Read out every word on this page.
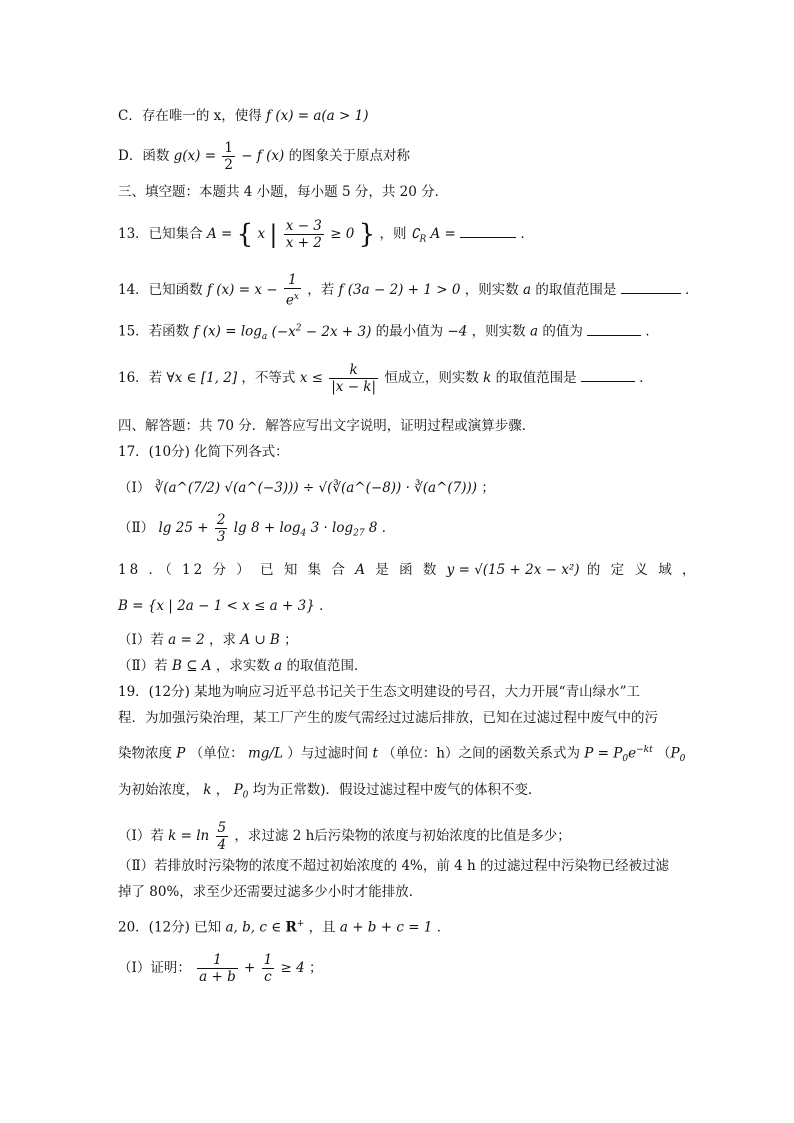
C．存在唯一的 x，使得 f (x) = a(a > 1)
D．函数 $g(x) = \frac{1}{2} - f$ (x) 的图象关于原点对称
三、填空题：本题共 4 小题，每小题 5 分，共 20 分．
13．已知集合 A = { x | $\frac{x - 3}{x + 2} \ge 0$ } ，则 $∁_R$ A =	．
14．已知函数 f $(x) = x - \frac{1}{e^x}$ ，若 f (3a − 2) + 1 > 0 ，则实数 a 的取值范围是	．
15．若函数 f $(x) = \log_a (-x^2 - 2x + 3)$ 的最小值为 −4 ，则实数 a 的值为	．
16．若 ∀x ∈ [1, 2] ，不等式 $x \le \frac{k}{|x - k|}$ 恒成立，则实数 k 的取值范围是	．
四、解答题：共 70 分．解答应写出文字说明，证明过程或演算步骤．
17．(10分) 化简下列各式：
（Ⅰ） ∛(a^(7/2) √(a^(−3))) ÷ √(∛(a^(−8)) · ∛(a^(7))) ；
（Ⅱ） $\lg 25 + \frac{2}{3}$ $\lg 8 + \log_4 3 \cdot \log_{27} 8$ ．
18 ．（ 12 分 ） 已 知 集 合 A 是 函 数 y = √(15 + 2x − x²) 的 定 义 域 ，
B = {x | 2a − 1 < x ≤ a + 3} ．
（Ⅰ）若 a = 2 ，求 A ∪ B ；
（Ⅱ）若 B ⊆ A ，求实数 a 的取值范围．
19．(12分) 某地为响应习近平总书记关于生态文明建设的号召，大力开展“青山绿水”工
程．为加强污染治理，某工厂产生的废气需经过过滤后排放，已知在过滤过程中废气中的污
染物浓度 P （单位： mg/L ）与过滤时间 t （单位：h）之间的函数关系式为 $P = P_0e^{-kt}$ （$P_0$
为初始浓度， k ， $P_0$ 均为正常数)．假设过滤过程中废气的体积不变．
（Ⅰ）若 $k = \ln \frac{5}{4}$ ，求过滤 2 h后污染物的浓度与初始浓度的比值是多少；
（Ⅱ）若排放时污染物的浓度不超过初始浓度的 4%，前 4 h 的过滤过程中污染物已经被过滤
掉了 80%，求至少还需要过滤多少小时才能排放．
20．(12分) 已知 a, b, c ∈ R+ ，且 a + b + c = 1 ．
（Ⅰ）证明： $\frac{1}{a + b} + \frac{1}{c} \ge 4$ ；
